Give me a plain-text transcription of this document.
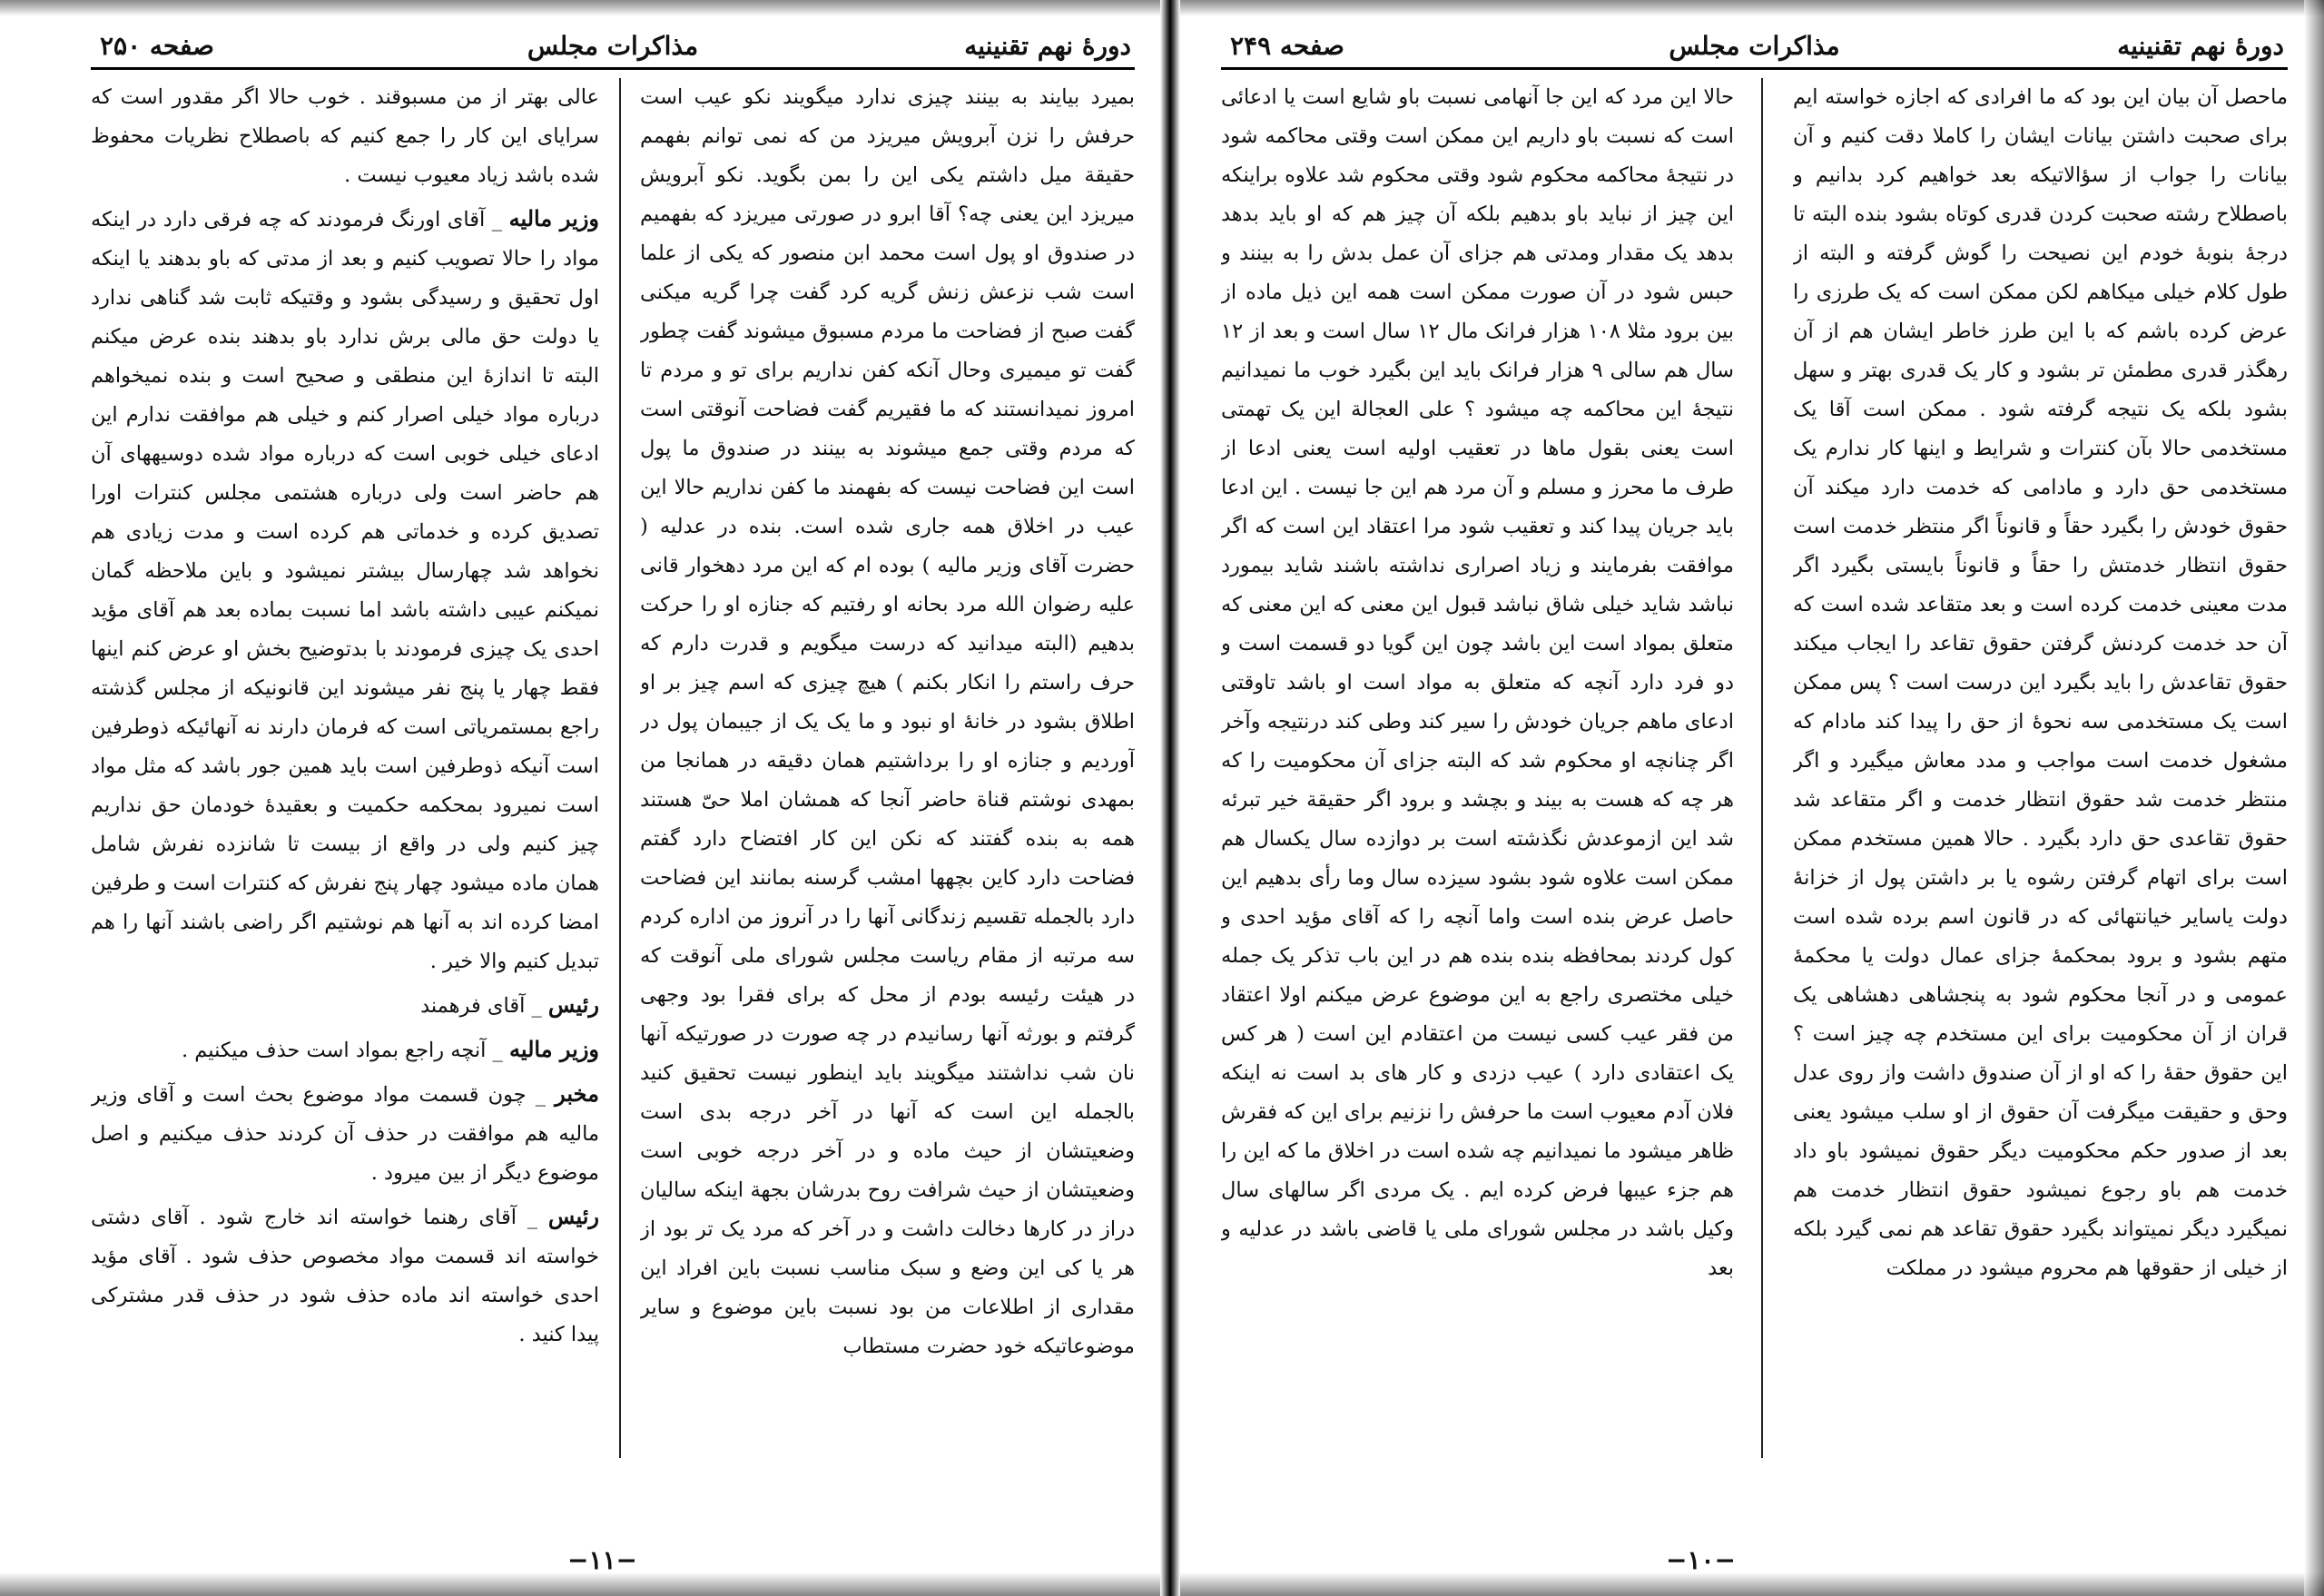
دورهٔ نهم تقنینیه
مذاکرات مجلس
صفحه ۲۵۰

بمیرد بیایند به بینند چیزی ندارد میگویند نکو عیب است حرفش را نزن آبرویش میریزد من که نمی توانم بفهمم حقیقة میل داشتم یکی این را بمن بگوید. نکو آبرویش میریزد این یعنی چه؟ آقا ابرو در صورتی میریزد که بفهمیم در صندوق او پول است محمد ابن منصور که یکی از علما است شب نزعش زنش گریه کرد گفت چرا گریه میکنی گفت صبح از فضاحت ما مردم مسبوق میشوند گفت چطور گفت تو میمیری وحال آنکه کفن نداریم برای تو و مردم تا امروز نمیدانستند که ما فقیریم گفت فضاحت آنوقتی است که مردم وقتی جمع میشوند به بینند در صندوق ما پول است این فضاحت نیست که بفهمند ما کفن نداریم حالا این عیب در اخلاق همه جاری شده است. بنده در عدلیه ( حضرت آقای وزیر مالیه ) بوده ام که این مرد دهخوار قانی علیه رضوان الله مرد بحانه او رفتیم که جنازه او را حرکت بدهیم (البته میدانید که درست میگویم و قدرت دارم که حرف راستم را انکار بکنم ) هیچ چیزی که اسم چیز بر او اطلاق بشود در خانهٔ او نبود و ما یک یک از جیبمان پول در آوردیم و جنازه او را برداشتیم همان دقیقه در همانجا من بمهدی نوشتم قناة حاضر آنجا که همشان املا حیّ هستند همه به بنده گفتند که نکن این کار افتضاح دارد گفتم فضاحت دارد کاین بچهها امشب گرسنه بمانند این فضاحت دارد بالجمله تقسیم زندگانی آنها را در آنروز من اداره کردم سه مرتبه از مقام ریاست مجلس شورای ملی آنوقت که در هیئت رئیسه بودم از محل که برای فقرا بود وجهی گرفتم و بورثه آنها رسانیدم در چه صورت در صورتیکه آنها نان شب نداشتند میگویند باید اینطور نیست تحقیق کنید بالجمله این است که آنها در آخر درجه بدی است وضعیتشان از حیث ماده و در آخر درجه خوبی است وضعیتشان از حیث شرافت روح بدرشان بجهة اینکه سالیان دراز در کارها دخالت داشت و در آخر که مرد یک تر بود از هر یا کی این وضع و سبک مناسب نسبت باین افراد این مقداری از اطلاعات من بود نسبت باین موضوع و سایر موضوعاتیکه خود حضرت مستطاب

عالی بهتر از من مسبوقند . خوب حالا اگر مقدور است که سرایای این کار را جمع کنیم که باصطلاح نظریات محفوظ شده باشد زیاد معیوب نیست .

وزیر مالیه _ آقای اورنگ فرمودند که چه فرقی دارد در اینکه مواد را حالا تصویب کنیم و بعد از مدتی که باو بدهند یا اینکه اول تحقیق و رسیدگی بشود و وقتیکه ثابت شد گناهی ندارد یا دولت حق مالی برش ندارد باو بدهند بنده عرض میکنم البته تا اندازهٔ این منطقی و صحیح است و بنده نمیخواهم درباره مواد خیلی اصرار کنم و خیلی هم موافقت ندارم این ادعای خیلی خوبی است که درباره مواد شده دوسیههای آن هم حاضر است ولی درباره هشتمی مجلس کنترات اورا تصدیق کرده و خدماتی هم کرده است و مدت زیادی هم نخواهد شد چهارسال بیشتر نمیشود و باین ملاحظه گمان نمیکنم عیبی داشته باشد اما نسبت بماده بعد هم آقای مؤید احدی یک چیزی فرمودند با بدتوضیح بخش او عرض کنم اینها فقط چهار یا پنج نفر میشوند این قانونیکه از مجلس گذشته راجع بمستمریاتی است که فرمان دارند نه آنهائیکه ذوطرفین است آنیکه ذوطرفین است باید همین جور باشد که مثل مواد است نمیرود بمحکمه حکمیت و بعقیدهٔ خودمان حق نداریم چیز کنیم ولی در واقع از بیست تا شانزده نفرش شامل همان ماده میشود چهار پنج نفرش که کنترات است و طرفین امضا کرده اند به آنها هم نوشتیم اگر راضی باشند آنها را هم تبدیل کنیم والا خیر .

رئیس _ آقای فرهمند

وزیر مالیه _ آنچه راجع بمواد است حذف میکنیم .

مخبر _ چون قسمت مواد موضوع بحث است و آقای وزیر مالیه هم موافقت در حذف آن کردند حذف میکنیم و اصل موضوع دیگر از بین میرود .

رئیس _ آقای رهنما خواسته اند خارج شود . آقای دشتی خواسته اند قسمت مواد مخصوص حذف شود . آقای مؤید احدی خواسته اند ماده حذف شود در حذف قدر مشترکی پیدا کنید .

−۱۱−
دورهٔ نهم تقنینیه
مذاکرات مجلس
صفحه ۲۴۹

ماحصل آن بیان این بود که ما افرادی که اجازه خواسته ایم برای صحبت داشتن بیانات ایشان را کاملا دقت کنیم و آن بیانات را جواب از سؤالاتیکه بعد خواهیم کرد بدانیم و باصطلاح رشته صحبت کردن قدری کوتاه بشود بنده البته تا درجهٔ بنوبهٔ خودم این نصیحت را گوش گرفته و البته از طول کلام خیلی میکاهم لکن ممکن است که یک طرزی را عرض کرده باشم که با این طرز خاطر ایشان هم از آن رهگذر قدری مطمئن تر بشود و کار یک قدری بهتر و سهل بشود بلکه یک نتیجه گرفته شود . ممکن است آقا یک مستخدمی حالا بآن کنترات و شرایط و اینها کار ندارم یک مستخدمی حق دارد و مادامی که خدمت دارد میکند آن حقوق خودش را بگیرد حقاً و قانوناً اگر منتظر خدمت است حقوق انتظار خدمتش را حقاً و قانوناً بایستی بگیرد اگر مدت معینی خدمت کرده است و بعد متقاعد شده است که آن حد خدمت کردنش گرفتن حقوق تقاعد را ایجاب میکند حقوق تقاعدش را باید بگیرد این درست است ؟ پس ممکن است یک مستخدمی سه نحوهٔ از حق را پیدا کند مادام که مشغول خدمت است مواجب و مدد معاش میگیرد و اگر منتظر خدمت شد حقوق انتظار خدمت و اگر متقاعد شد حقوق تقاعدی حق دارد بگیرد . حالا همین مستخدم ممکن است برای اتهام گرفتن رشوه یا بر داشتن پول از خزانهٔ دولت یاسایر خیانتهائی که در قانون اسم برده شده است متهم بشود و برود بمحکمهٔ جزای عمال دولت یا محکمهٔ عمومی و در آنجا محکوم شود به پنجشاهی دهشاهی یک قران از آن محکومیت برای این مستخدم چه چیز است ؟ این حقوق حقهٔ را که او از آن صندوق داشت واز روی عدل وحق و حقیقت میگرفت آن حقوق از او سلب میشود یعنی بعد از صدور حکم محکومیت دیگر حقوق نمیشود باو داد خدمت هم باو رجوع نمیشود حقوق انتظار خدمت هم نمیگیرد دیگر نمیتواند بگیرد حقوق تقاعد هم نمی گیرد بلکه از خیلی از حقوقها هم محروم میشود در مملکت

حالا این مرد که این جا آنهامی نسبت باو شایع است یا ادعائی است که نسبت باو داریم این ممکن است وقتی محاکمه شود در نتیجهٔ محاکمه محکوم شود وقتی محکوم شد علاوه براینکه این چیز از نباید باو بدهیم بلکه آن چیز هم که او باید بدهد بدهد یک مقدار ومدتی هم جزای آن عمل بدش را به بینند و حبس شود در آن صورت ممکن است همه این ذیل ماده از بین برود مثلا ۱۰۸ هزار فرانک مال ۱۲ سال است و بعد از ۱۲ سال هم سالی ۹ هزار فرانک باید این بگیرد خوب ما نمیدانیم نتیجهٔ این محاکمه چه میشود ؟ علی العجالة این یک تهمتی است یعنی بقول ماها در تعقیب اولیه است یعنی ادعا از طرف ما محرز و مسلم و آن مرد هم این جا نیست . این ادعا باید جریان پیدا کند و تعقیب شود مرا اعتقاد این است که اگر موافقت بفرمایند و زیاد اصراری نداشته باشند شاید بیمورد نباشد شاید خیلی شاق نباشد قبول این معنی که این معنی که متعلق بمواد است این باشد چون این گویا دو قسمت است و دو فرد دارد آنچه که متعلق به مواد است او باشد تاوقتی ادعای ماهم جریان خودش را سیر کند وطی کند درنتیجه وآخر اگر چنانچه او محکوم شد که البته جزای آن محکومیت را که هر چه که هست به بیند و بچشد و برود اگر حقیقة خیر تبرئه شد این ازموعدش نگذشته است بر دوازده سال یکسال هم ممکن است علاوه شود بشود سیزده سال وما رأی بدهیم این حاصل عرض بنده است واما آنچه را که آقای مؤید احدی و کول کردند بمحافظه بنده بنده هم در این باب تذکر یک جمله خیلی مختصری راجع به این موضوع عرض میکنم اولا اعتقاد من فقر عیب کسی نیست من اعتقادم این است ( هر کس یک اعتقادی دارد ) عیب دزدی و کار های بد است نه اینکه فلان آدم معیوب است ما حرفش را نزنیم برای این که فقرش ظاهر میشود ما نمیدانیم چه شده است در اخلاق ما که این را هم جزء عیبها فرض کرده ایم . یک مردی اگر سالهای سال وکیل باشد در مجلس شورای ملی یا قاضی باشد در عدلیه و بعد

−۱۰−
